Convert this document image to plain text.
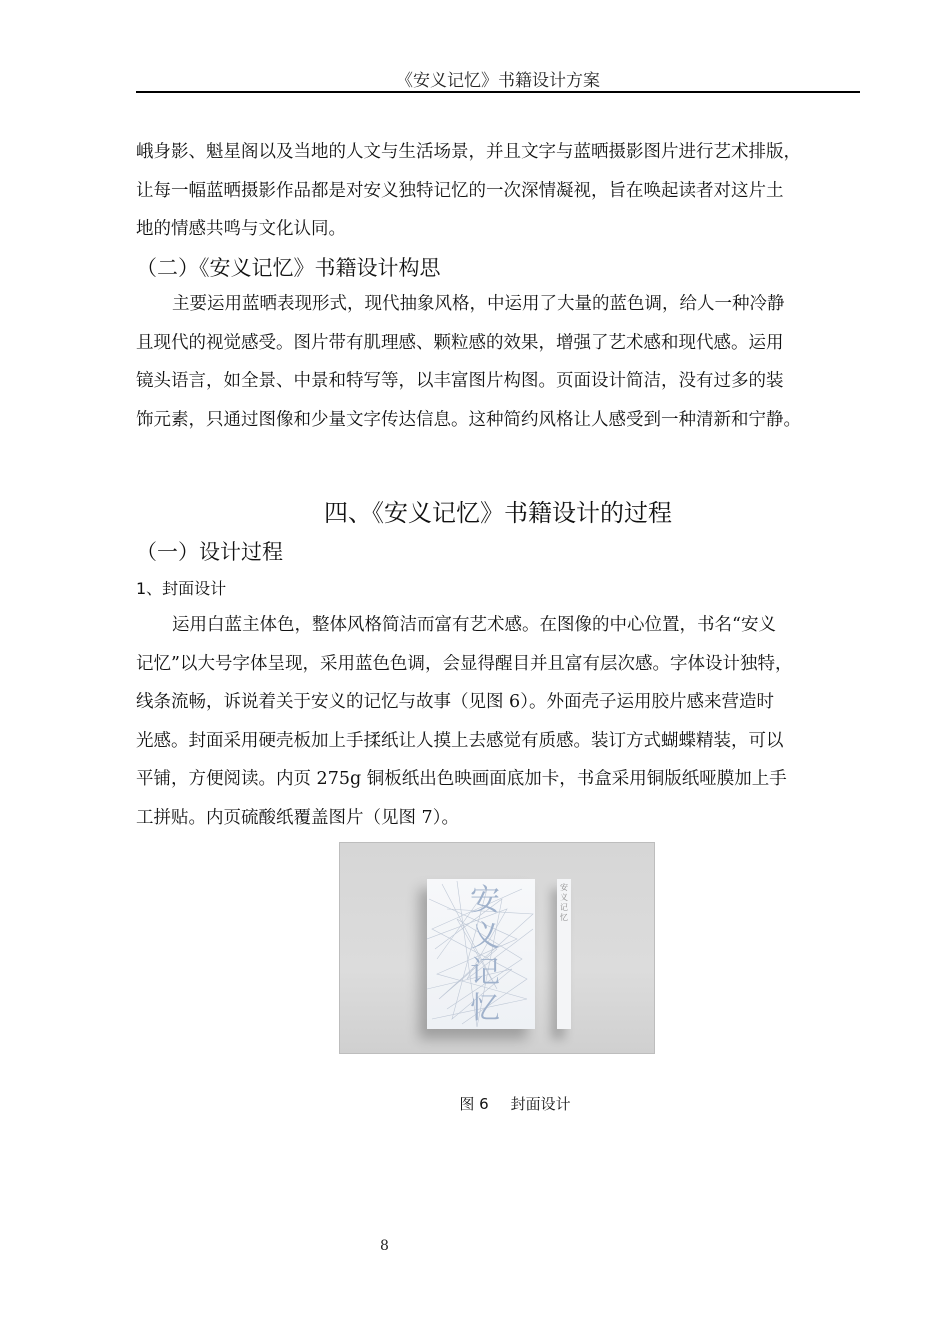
《安义记忆》书籍设计方案
峨身影、魁星阁以及当地的人文与生活场景，并且文字与蓝晒摄影图片进行艺术排版，
让每一幅蓝晒摄影作品都是对安义独特记忆的一次深情凝视，旨在唤起读者对这片土
地的情感共鸣与文化认同。
（二）《安义记忆》书籍设计构思
主要运用蓝晒表现形式，现代抽象风格，中运用了大量的蓝色调，给人一种冷静
且现代的视觉感受。图片带有肌理感、颗粒感的效果，增强了艺术感和现代感。运用
镜头语言，如全景、中景和特写等，以丰富图片构图。页面设计简洁，没有过多的装
饰元素，只通过图像和少量文字传达信息。这种简约风格让人感受到一种清新和宁静。
四、《安义记忆》书籍设计的过程
（一）设计过程
1、封面设计
运用白蓝主体色，整体风格简洁而富有艺术感。在图像的中心位置，书名“安义
记忆”以大号字体呈现，采用蓝色色调，会显得醒目并且富有层次感。字体设计独特，
线条流畅，诉说着关于安义的记忆与故事（见图 6）。外面壳子运用胶片感来营造时
光感。封面采用硬壳板加上手揉纸让人摸上去感觉有质感。装订方式蝴蝶精装，可以
平铺，方便阅读。内页 275g 铜板纸出色映画面底加卡，书盒采用铜版纸哑膜加上手
工拼贴。内页硫酸纸覆盖图片（见图 7）。
安
义
记
忆
安
义
记
忆
图 6 封面设计
8
